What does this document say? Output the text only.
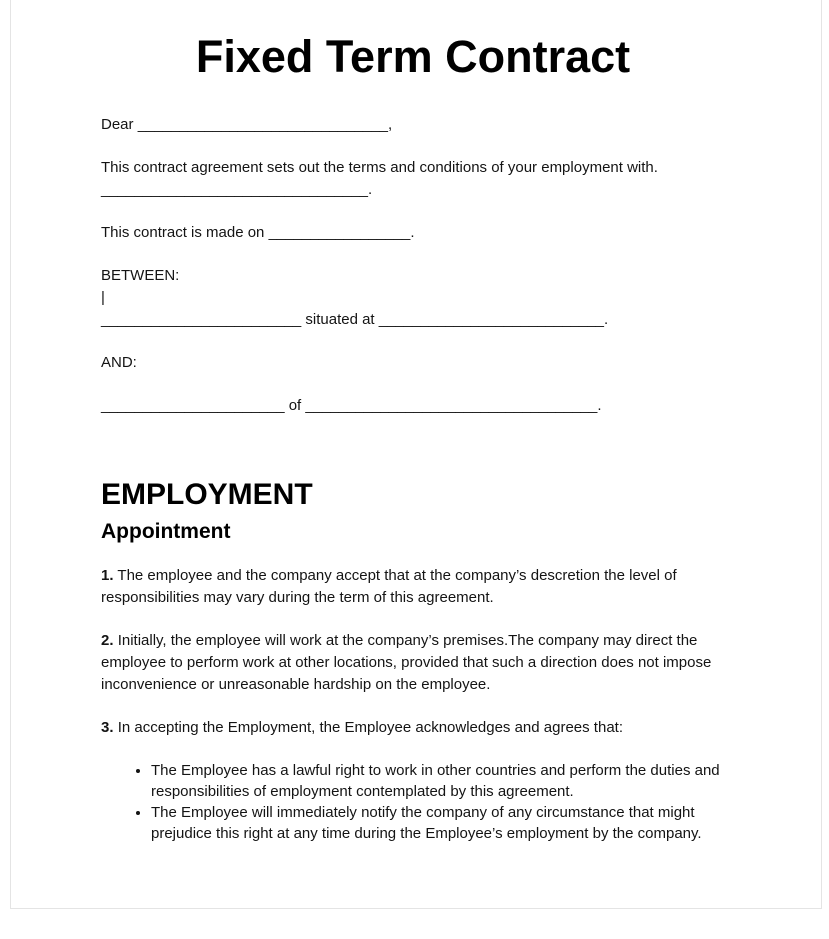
Fixed Term Contract

Dear ______________________________,

This contract agreement sets out the terms and conditions of your employment with.
________________________________.

This contract is made on _________________.

BETWEEN:

|

________________________ situated at ___________________________.

AND:

______________________ of ___________________________________.

EMPLOYMENT
Appointment

1. The employee and the company accept that at the company’s descretion the level of responsibilities may vary during the term of this agreement.

2. Initially, the employee will work at the company’s premises.The company may direct the employee to perform work at other locations, provided that such a direction does not impose inconvenience or unreasonable hardship on the employee.

3. In accepting the Employment, the Employee acknowledges and agrees that:

• The Employee has a lawful right to work in other countries and perform the duties and responsibilities of employment contemplated by this agreement.
• The Employee will immediately notify the company of any circumstance that might prejudice this right at any time during the Employee’s employment by the company.
